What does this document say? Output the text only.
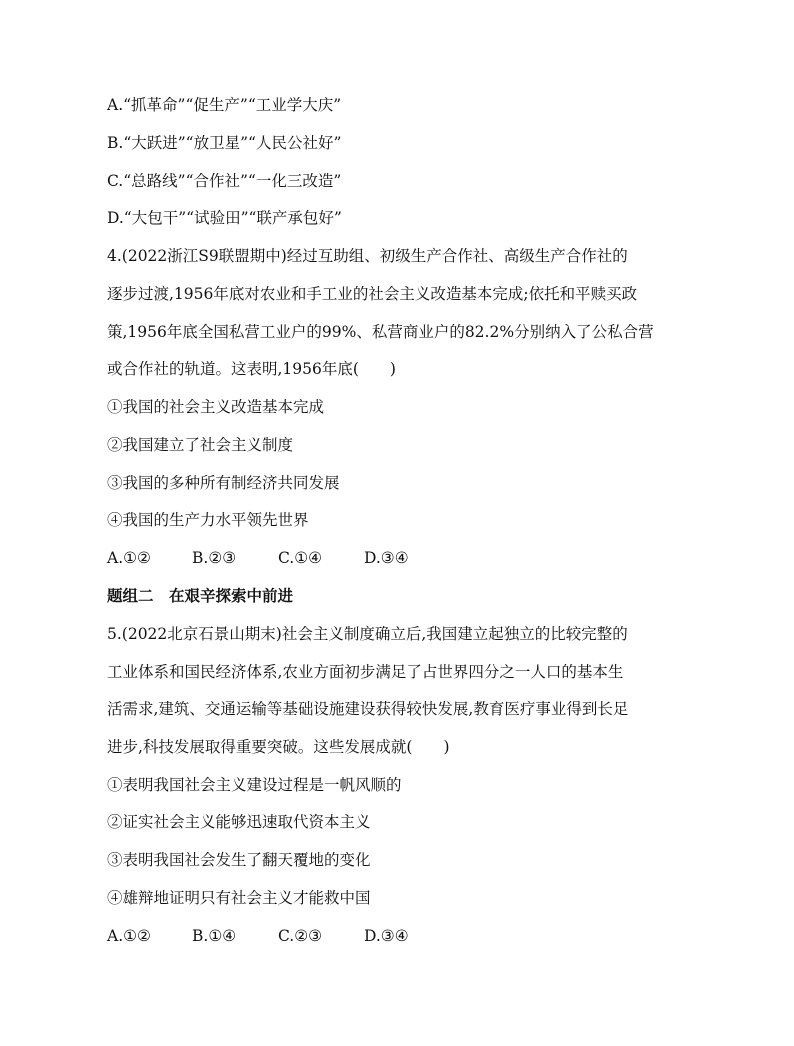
A.“抓革命”“促生产”“工业学大庆”
B.“大跃进”“放卫星”“人民公社好”
C.“总路线”“合作社”“一化三改造”
D.“大包干”“试验田”“联产承包好”
4.(2022浙江S9联盟期中)经过互助组、初级生产合作社、高级生产合作社的
逐步过渡,1956年底对农业和手工业的社会主义改造基本完成;依托和平赎买政
策,1956年底全国私营工业户的99%、私营商业户的82.2%分别纳入了公私合营
或合作社的轨道。这表明,1956年底(　　)
①我国的社会主义改造基本完成
②我国建立了社会主义制度
③我国的多种所有制经济共同发展
④我国的生产力水平领先世界
A.①②	B.②③	C.①④	D.③④
题组二　在艰辛探索中前进
5.(2022北京石景山期末)社会主义制度确立后,我国建立起独立的比较完整的
工业体系和国民经济体系,农业方面初步满足了占世界四分之一人口的基本生
活需求,建筑、交通运输等基础设施建设获得较快发展,教育医疗事业得到长足
进步,科技发展取得重要突破。这些发展成就(　　)
①表明我国社会主义建设过程是一帆风顺的
②证实社会主义能够迅速取代资本主义
③表明我国社会发生了翻天覆地的变化
④雄辩地证明只有社会主义才能救中国
A.①②	B.①④	C.②③	D.③④
